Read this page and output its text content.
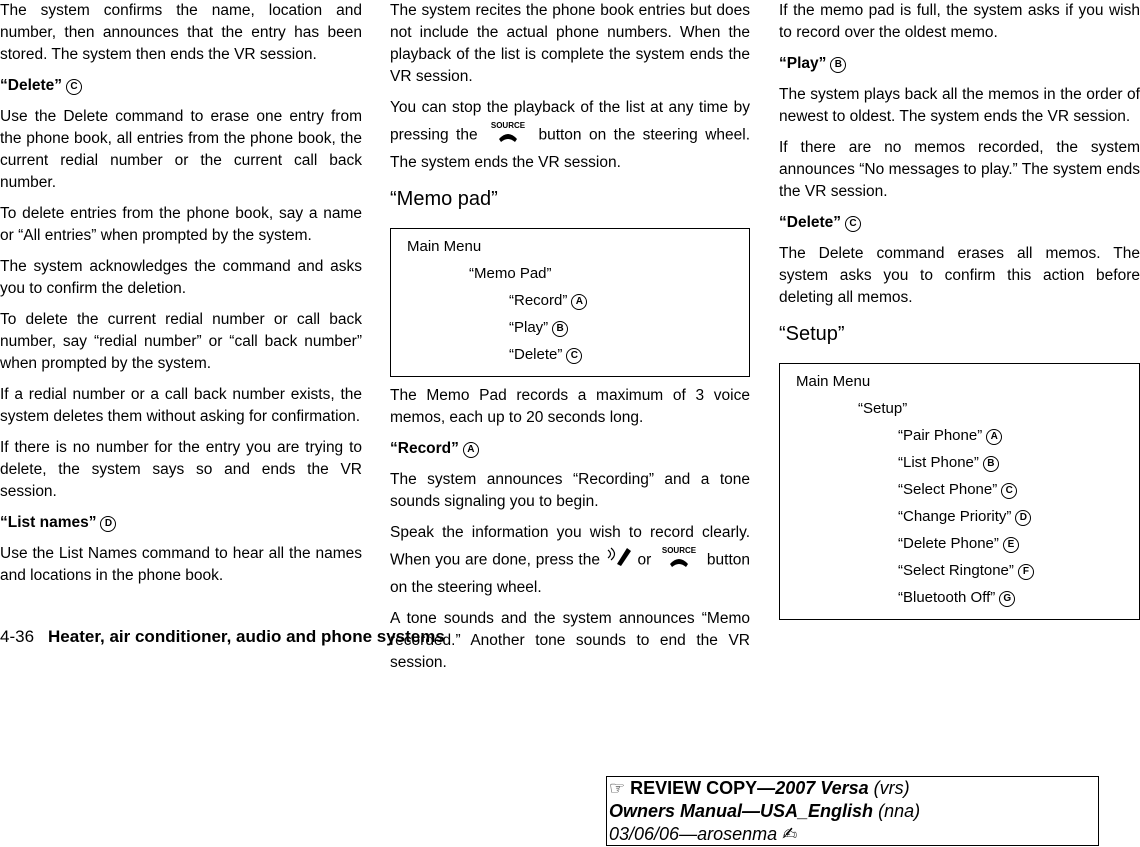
The system confirms the name, location and number, then announces that the entry has been stored. The system then ends the VR session.

“Delete” C

Use the Delete command to erase one entry from the phone book, all entries from the phone book, the current redial number or the current call back number.

To delete entries from the phone book, say a name or “All entries” when prompted by the system.

The system acknowledges the command and asks you to confirm the deletion.

To delete the current redial number or call back number, say “redial number” or “call back number” when prompted by the system.

If a redial number or a call back number exists, the system deletes them without asking for confirmation.

If there is no number for the entry you are trying to delete, the system says so and ends the VR session.

“List names” D

Use the List Names command to hear all the names and locations in the phone book.

The system recites the phone book entries but does not include the actual phone numbers. When the playback of the list is complete the system ends the VR session.

You can stop the playback of the list at any time by pressing the
SOURCE
button on the steering wheel. The system ends the VR session.

“Memo pad”
Main Menu
“Memo Pad”
“Record” A
“Play” B
“Delete” C

The Memo Pad records a maximum of 3 voice memos, each up to 20 seconds long.

“Record” A

The system announces “Recording” and a tone sounds signaling you to begin.

Speak the information you wish to record clearly. When you are done, press the or
SOURCE
button on the steering wheel.

A tone sounds and the system announces “Memo recorded.” Another tone sounds to end the VR session.

If the memo pad is full, the system asks if you wish to record over the oldest memo.

“Play” B

The system plays back all the memos in the order of newest to oldest. The system ends the VR session.

If there are no memos recorded, the system announces “No messages to play.” The system ends the VR session.

“Delete” C

The Delete command erases all memos. The system asks you to confirm this action before deleting all memos.

“Setup”
Main Menu
“Setup”
“Pair Phone” A
“List Phone” B
“Select Phone” C
“Change Priority” D
“Delete Phone” E
“Select Ringtone” F
“Bluetooth Off” G
4-36 Heater, air conditioner, audio and phone systems
☞ REVIEW COPY—2007 Versa (vrs)
Owners Manual—USA_English (nna)
03/06/06—arosenma ✍
